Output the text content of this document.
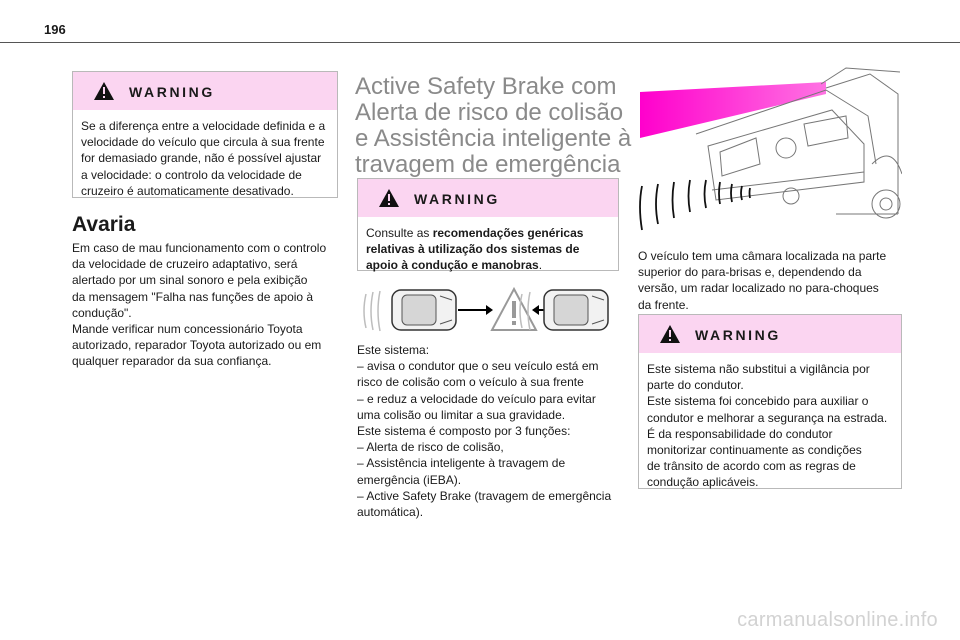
196
WARNING
Se a diferença entre a velocidade definida e a
velocidade do veículo que circula à sua frente
for demasiado grande, não é possível ajustar
a velocidade: o controlo da velocidade de
cruzeiro é automaticamente desativado.
Avaria
Em caso de mau funcionamento com o controlo
da velocidade de cruzeiro adaptativo, será
alertado por um sinal sonoro e pela exibição
da mensagem "Falha nas funções de apoio à
condução".
Mande verificar num concessionário Toyota
autorizado, reparador Toyota autorizado ou em
qualquer reparador da sua confiança.
Active Safety Brake com
Alerta de risco de colisão
e Assistência inteligente à
travagem de emergência
WARNING
Consulte as recomendações genéricas
relativas à utilização dos sistemas de
apoio à condução e manobras.
Este sistema:
– avisa o condutor que o seu veículo está em
risco de colisão com o veículo à sua frente
– e reduz a velocidade do veículo para evitar
uma colisão ou limitar a sua gravidade.
Este sistema é composto por 3 funções:
– Alerta de risco de colisão,
– Assistência inteligente à travagem de
emergência (iEBA).
– Active Safety Brake (travagem de emergência
automática).
O veículo tem uma câmara localizada na parte
superior do para-brisas e, dependendo da
versão, um radar localizado no para-choques
da frente.
WARNING
Este sistema não substitui a vigilância por
parte do condutor.
Este sistema foi concebido para auxiliar o
condutor e melhorar a segurança na estrada.
É da responsabilidade do condutor
monitorizar continuamente as condições
de trânsito de acordo com as regras de
condução aplicáveis.
carmanualsonline.info
